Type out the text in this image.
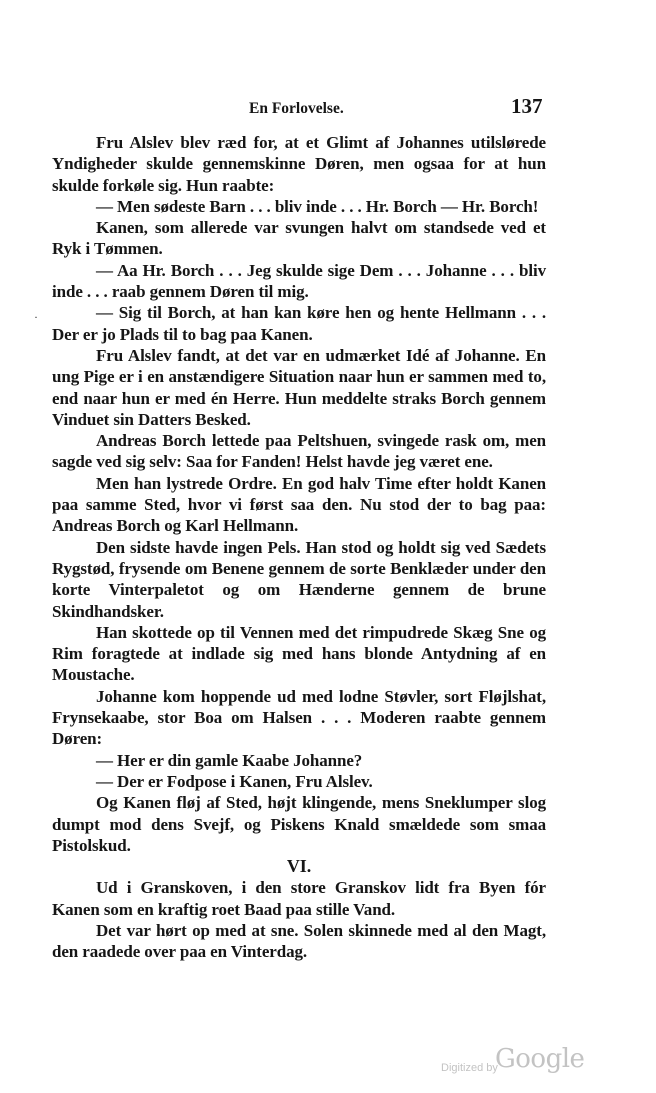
En Forlovelse.	137
·

Fru Alslev blev ræd for, at et Glimt af Johannes utilslørede Yndigheder skulde gennemskinne Døren, men ogsaa for at hun skulde forkøle sig. Hun raabte:

— Men sødeste Barn . . . bliv inde . . . Hr. Borch — Hr. Borch!

Kanen, som allerede var svungen halvt om standsede ved et Ryk i Tømmen.

— Aa Hr. Borch . . . Jeg skulde sige Dem . . . Johanne . . . bliv inde . . . raab gennem Døren til mig.

— Sig til Borch, at han kan køre hen og hente Hellmann . . . Der er jo Plads til to bag paa Kanen.

Fru Alslev fandt, at det var en udmærket Idé af Johanne. En ung Pige er i en anstændigere Situation naar hun er sammen med to, end naar hun er med én Herre. Hun meddelte straks Borch gennem Vinduet sin Datters Besked.

Andreas Borch lettede paa Peltshuen, svingede rask om, men sagde ved sig selv: Saa for Fanden! Helst havde jeg været ene.

Men han lystrede Ordre. En god halv Time efter holdt Kanen paa samme Sted, hvor vi først saa den. Nu stod der to bag paa: Andreas Borch og Karl Hellmann.

Den sidste havde ingen Pels. Han stod og holdt sig ved Sædets Rygstød, frysende om Benene gennem de sorte Benklæder under den korte Vinterpaletot og om Hænderne gennem de brune Skindhandsker.

Han skottede op til Vennen med det rimpudrede Skæg Sne og Rim foragtede at indlade sig med hans blonde Antydning af en Moustache.

Johanne kom hoppende ud med lodne Støvler, sort Fløjlshat, Frynsekaabe, stor Boa om Halsen . . . Moderen raabte gennem Døren:

— Her er din gamle Kaabe Johanne?

— Der er Fodpose i Kanen, Fru Alslev.

Og Kanen fløj af Sted, højt klingende, mens Sneklumper slog dumpt mod dens Svejf, og Piskens Knald smældede som smaa Pistolskud.

VI.

Ud i Granskoven, i den store Granskov lidt fra Byen fór Kanen som en kraftig roet Baad paa stille Vand.

Det var hørt op med at sne. Solen skinnede med al den Magt, den raadede over paa en Vinterdag.

Digitized by
Google
